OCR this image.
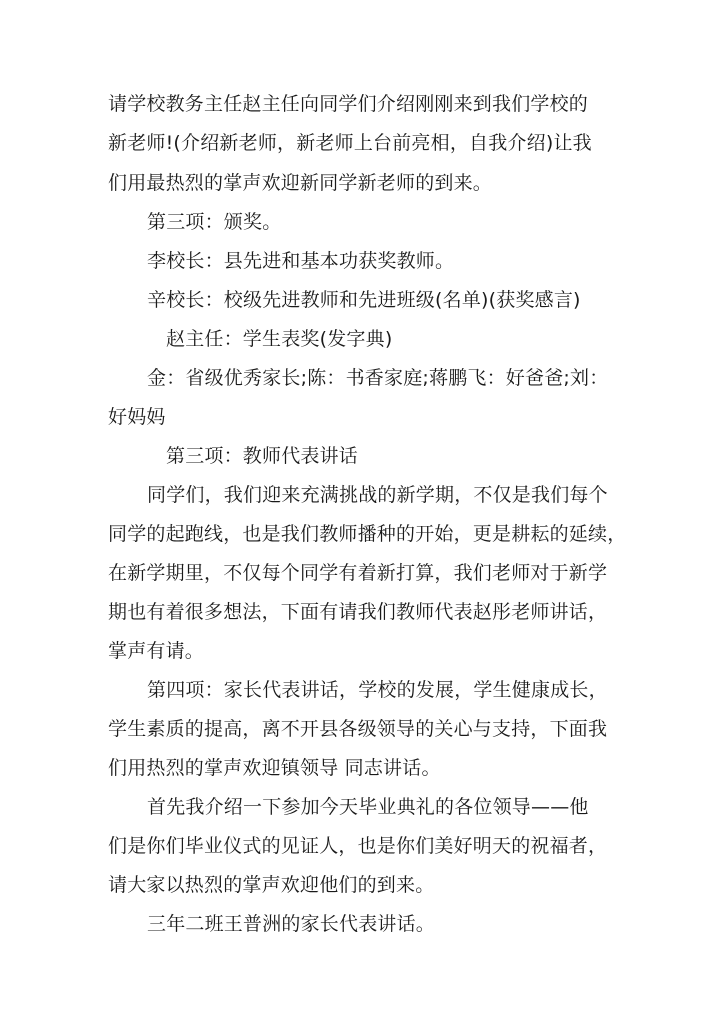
请学校教务主任赵主任向同学们介绍刚刚来到我们学校的
新老师!(介绍新老师，新老师上台前亮相，自我介绍)让我
们用最热烈的掌声欢迎新同学新老师的到来。
第三项：颁奖。
李校长：县先进和基本功获奖教师。
辛校长：校级先进教师和先进班级(名单)(获奖感言)
赵主任：学生表奖(发字典)
金：省级优秀家长;陈：书香家庭;蒋鹏飞：好爸爸;刘：
好妈妈
第三项：教师代表讲话
同学们，我们迎来充满挑战的新学期，不仅是我们每个
同学的起跑线，也是我们教师播种的开始，更是耕耘的延续，
在新学期里，不仅每个同学有着新打算，我们老师对于新学
期也有着很多想法，下面有请我们教师代表赵彤老师讲话，
掌声有请。
第四项：家长代表讲话，学校的发展，学生健康成长，
学生素质的提高，离不开县各级领导的关心与支持，下面我
们用热烈的掌声欢迎镇领导 同志讲话。
首先我介绍一下参加今天毕业典礼的各位领导——他
们是你们毕业仪式的见证人，也是你们美好明天的祝福者，
请大家以热烈的掌声欢迎他们的到来。
三年二班王普洲的家长代表讲话。
